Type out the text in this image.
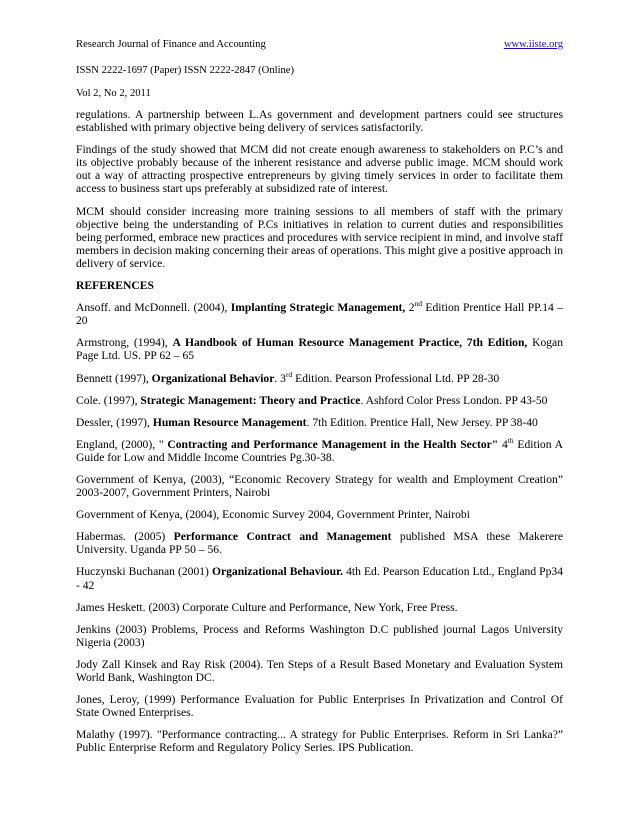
Research Journal of Finance and Accounting	www.iiste.org
ISSN 2222-1697 (Paper) ISSN 2222-2847 (Online)
Vol 2, No 2, 2011

regulations. A partnership between L.As government and development partners could see structures established with primary objective being delivery of services satisfactorily.

Findings of the study showed that MCM did not create enough awareness to stakeholders on P.C’s and its objective probably because of the inherent resistance and adverse public image. MCM should work out a way of attracting prospective entrepreneurs by giving timely services in order to facilitate them access to business start ups preferably at subsidized rate of interest.

MCM should consider increasing more training sessions to all members of staff with the primary objective being the understanding of P.Cs initiatives in relation to current duties and responsibilities being performed, embrace new practices and procedures with service recipient in mind, and involve staff members in decision making concerning their areas of operations. This might give a positive approach in delivery of service.

REFERENCES

Ansoff. and McDonnell. (2004), Implanting Strategic Management, 2nd Edition Prentice Hall PP.14 – 20

Armstrong, (1994), A Handbook of Human Resource Management Practice, 7th Edition, Kogan Page Ltd. US. PP 62 – 65

Bennett (1997), Organizational Behavior. 3rd Edition. Pearson Professional Ltd. PP 28-30

Cole. (1997), Strategic Management: Theory and Practice. Ashford Color Press London. PP 43-50

Dessler, (1997), Human Resource Management. 7th Edition. Prentice Hall, New Jersey. PP 38-40

England, (2000), " Contracting and Performance Management in the Health Sector" 4th Edition A Guide for Low and Middle Income Countries Pg.30-38.

Government of Kenya, (2003), “Economic Recovery Strategy for wealth and Employment Creation” 2003-2007, Government Printers, Nairobi

Government of Kenya, (2004), Economic Survey 2004, Government Printer, Nairobi

Habermas. (2005) Performance Contract and Management published MSA these Makerere University. Uganda PP 50 – 56.

Huczynski Buchanan (2001) Organizational Behaviour. 4th Ed. Pearson Education Ltd., England Pp34 - 42

James Heskett. (2003) Corporate Culture and Performance, New York, Free Press.

Jenkins (2003) Problems, Process and Reforms Washington D.C published journal Lagos University Nigeria (2003)

Jody Zall Kinsek and Ray Risk (2004). Ten Steps of a Result Based Monetary and Evaluation System World Bank, Washington DC.

Jones, Leroy, (1999) Performance Evaluation for Public Enterprises In Privatization and Control Of State Owned Enterprises.

Malathy (1997). "Performance contracting... A strategy for Public Enterprises. Reform in Sri Lanka?” Public Enterprise Reform and Regulatory Policy Series. IPS Publication.
